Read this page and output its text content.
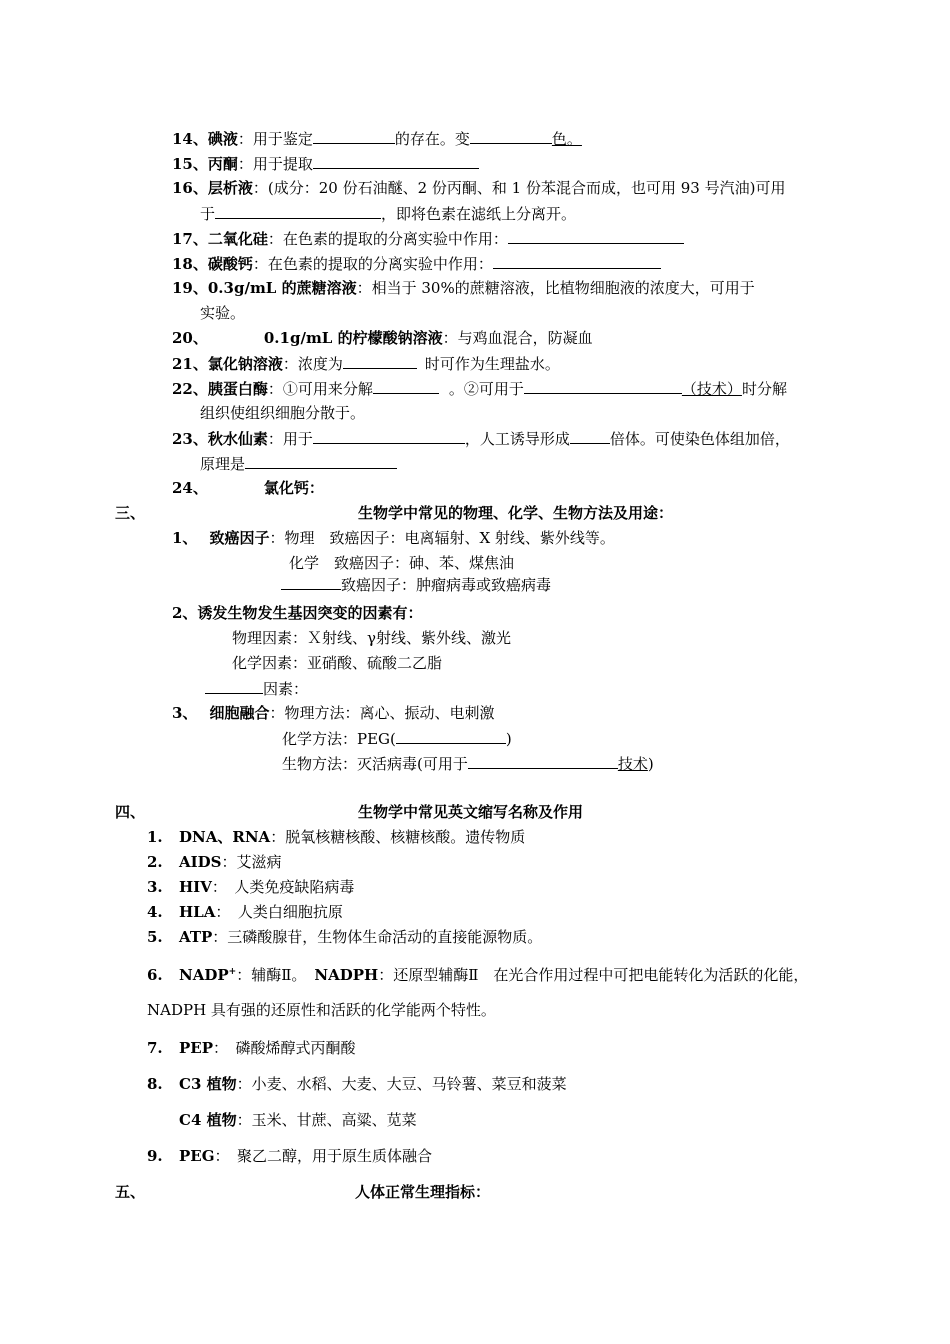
14、碘液：用于鉴定	的存在。变	色。
15、丙酮：用于提取
16、层析液：(成分：20 份石油醚、2 份丙酮、和 1 份苯混合而成，也可用 93 号汽油)可用
于	，即将色素在滤纸上分离开。
17、二氧化硅：在色素的提取的分离实验中作用：
18、碳酸钙：在色素的提取的分离实验中作用：
19、0.3g/mL 的蔗糖溶液：相当于 30%的蔗糖溶液，比植物细胞液的浓度大，可用于
实验。
20、	0.1g/mL 的柠檬酸钠溶液：与鸡血混合，防凝血
21、氯化钠溶液：浓度为	时可作为生理盐水。
22、胰蛋白酶：①可用来分解	。②可用于	（技术）时分解
组织使组织细胞分散于。
23、秋水仙素：用于	，人工诱导形成	倍体。可使染色体组加倍，
原理是
24、	氯化钙：
三、	生物学中常见的物理、化学、生物方法及用途：
1、 致癌因子：物理　致癌因子：电离辐射、X 射线、紫外线等。
化学　致癌因子：砷、苯、煤焦油
致癌因子：肿瘤病毒或致癌病毒
2、诱发生物发生基因突变的因素有：
物理因素：Ｘ射线、γ射线、紫外线、激光
化学因素：亚硝酸、硫酸二乙脂
因素：
3、 细胞融合：物理方法：离心、振动、电刺激
化学方法：PEG(	)
生物方法：灭活病毒(可用于	技术)
四、	生物学中常见英文缩写名称及作用
1. DNA、RNA：脱氧核糖核酸、核糖核酸。遗传物质
2. AIDS：艾滋病
3. HIV：　人类免疫缺陷病毒
4. HLA：　人类白细胞抗原
5. ATP：三磷酸腺苷，生物体生命活动的直接能源物质。
6. NADP+：辅酶Ⅱ。 NADPH：还原型辅酶Ⅱ　在光合作用过程中可把电能转化为活跃的化能，
NADPH 具有强的还原性和活跃的化学能两个特性。
7. PEP：　磷酸烯醇式丙酮酸
8. C3 植物：小麦、水稻、大麦、大豆、马铃薯、菜豆和菠菜
C4 植物：玉米、甘蔗、高粱、苋菜
9. PEG：　聚乙二醇，用于原生质体融合
五、	人体正常生理指标：
